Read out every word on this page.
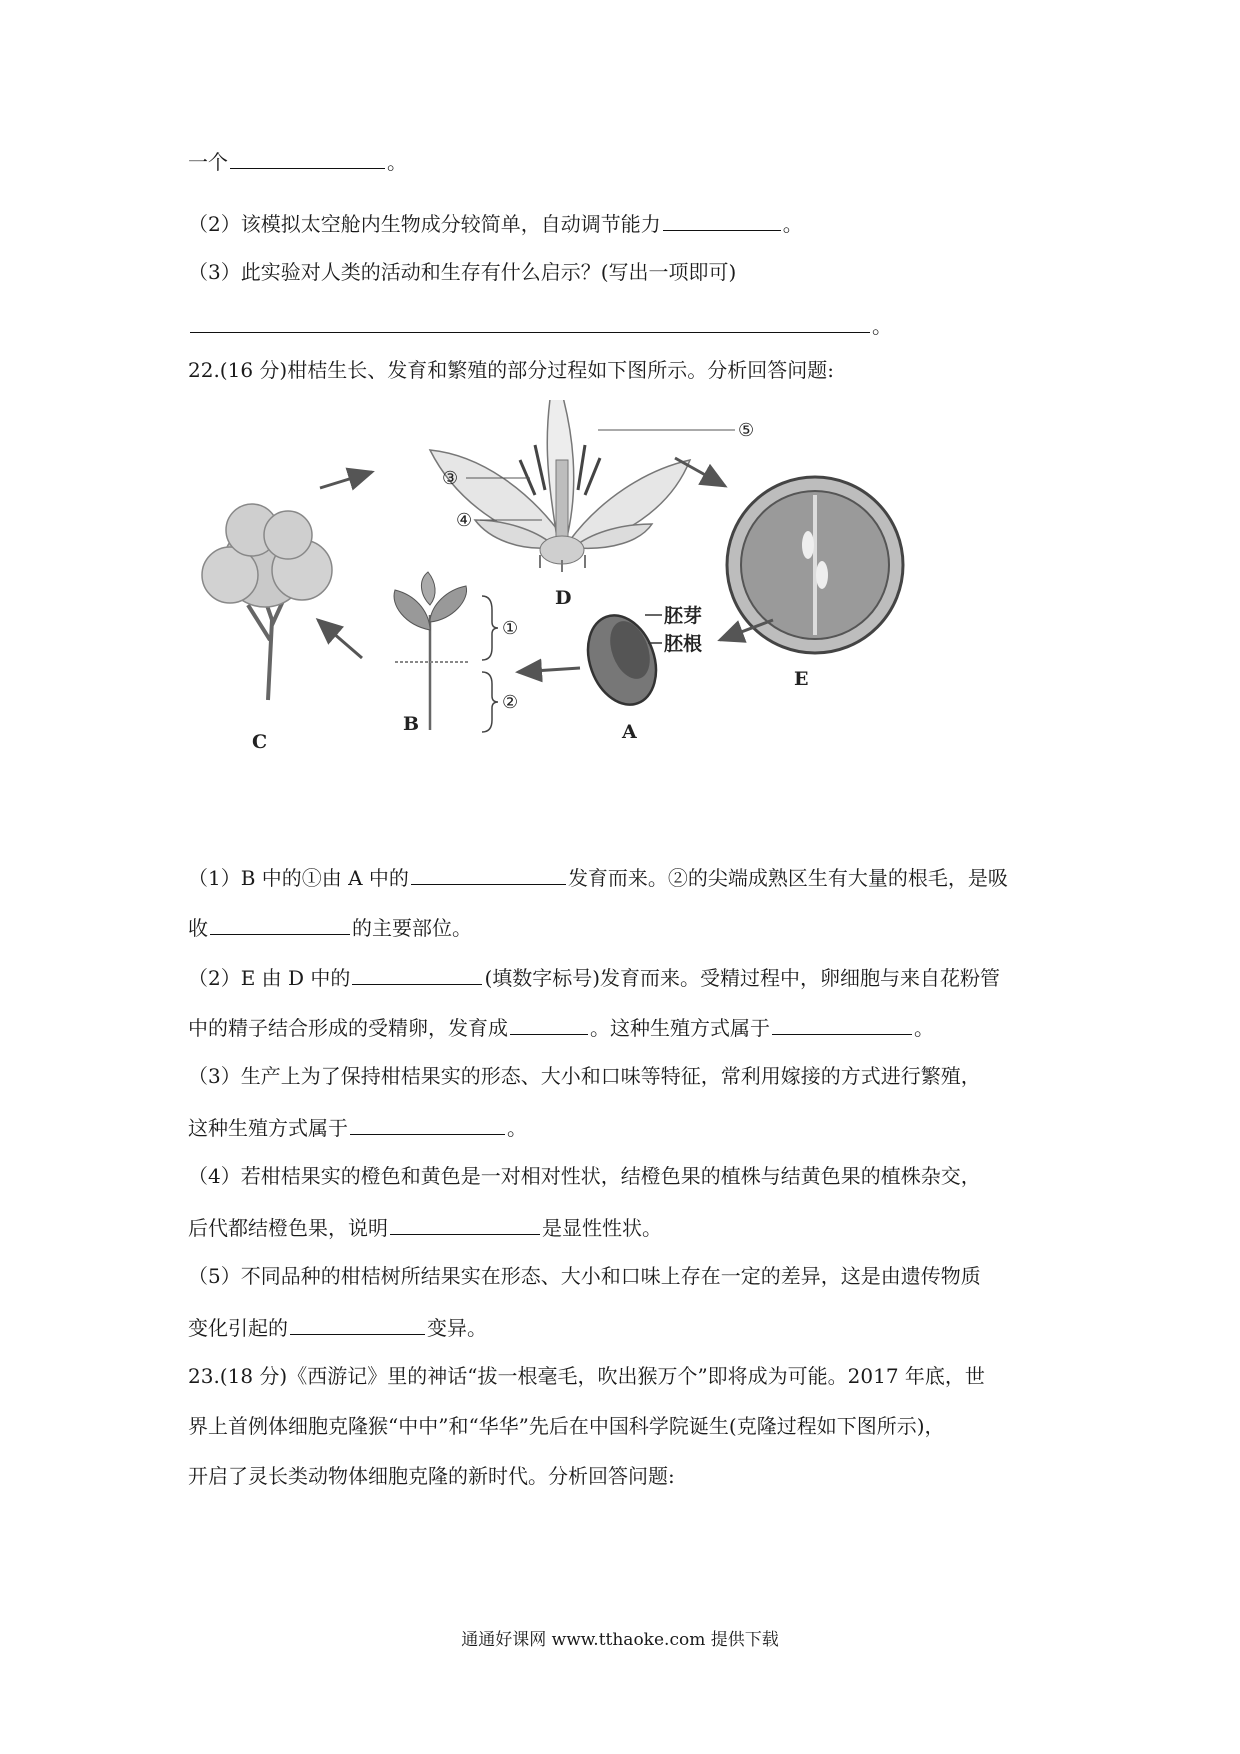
一个	。

（2）该模拟太空舱内生物成分较简单，自动调节能力	。

（3）此实验对人类的活动和生存有什么启示？(写出一项即可)

。

22.(16 分)柑桔生长、发育和繁殖的部分过程如下图所示。分析回答问题:

C
③
④
⑤
D
E
胚芽
胚根
A
①
②
B

（1）B 中的①由 A 中的	发育而来。②的尖端成熟区生有大量的根毛，是吸

收	的主要部位。

（2）E 由 D 中的	(填数字标号)发育而来。受精过程中，卵细胞与来自花粉管

中的精子结合形成的受精卵，发育成	。这种生殖方式属于	。

（3）生产上为了保持柑桔果实的形态、大小和口味等特征，常利用嫁接的方式进行繁殖，

这种生殖方式属于	。

（4）若柑桔果实的橙色和黄色是一对相对性状，结橙色果的植株与结黄色果的植株杂交，

后代都结橙色果，说明	是显性性状。

（5）不同品种的柑桔树所结果实在形态、大小和口味上存在一定的差异，这是由遗传物质

变化引起的	变异。

23.(18 分)《西游记》里的神话“拔一根毫毛，吹出猴万个”即将成为可能。2017 年底，世

界上首例体细胞克隆猴“中中”和“华华”先后在中国科学院诞生(克隆过程如下图所示)，

开启了灵长类动物体细胞克隆的新时代。分析回答问题:

通通好课网 www.tthaoke.com 提供下载
